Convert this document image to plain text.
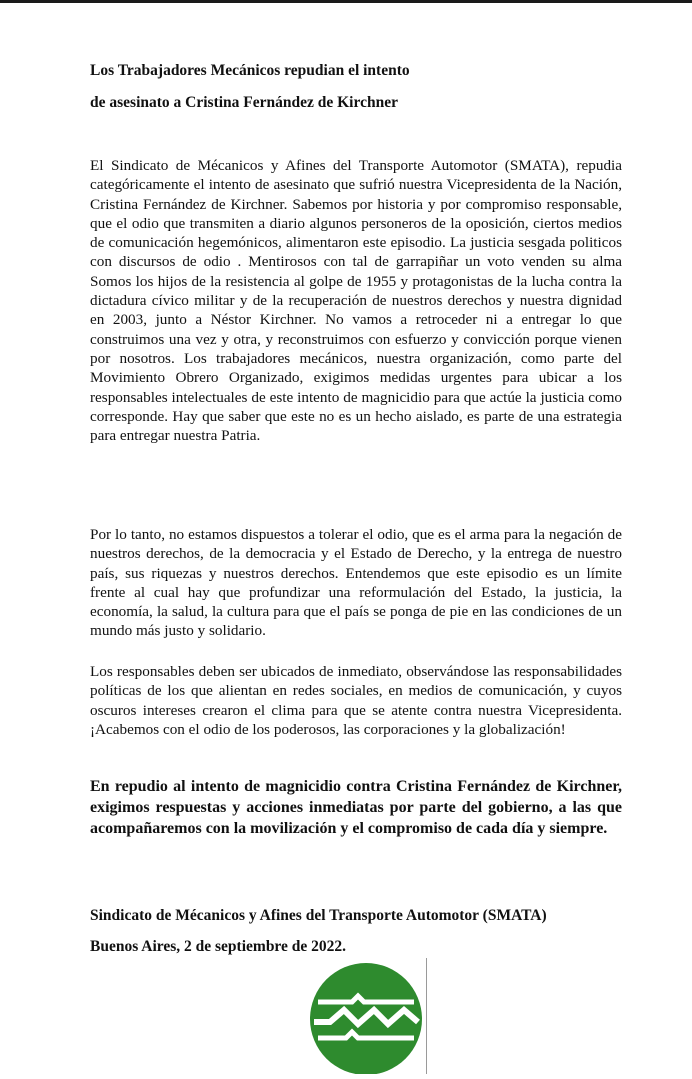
Los Trabajadores Mecánicos repudian el intento
de asesinato a Cristina Fernández de Kirchner

El Sindicato de Mécanicos y Afines del Transporte Automotor (SMATA), repudia categóricamente el intento de asesinato que sufrió nuestra Vicepresidenta de la Nación, Cristina Fernández de Kirchner. Sabemos por historia y por compromiso responsable, que el odio que transmiten a diario algunos personeros de la oposición, ciertos medios de comunicación hegemónicos, alimentaron este episodio. La justicia sesgada politicos con discursos de odio . Mentirosos con tal de garrapiñar un voto venden su alma Somos los hijos de la resistencia al golpe de 1955 y protagonistas de la lucha contra la dictadura cívico militar y de la recuperación de nuestros derechos y nuestra dignidad en 2003, junto a Néstor Kirchner. No vamos a retroceder ni a entregar lo que construimos una vez y otra, y reconstruimos con esfuerzo y convicción porque vienen por nosotros. Los trabajadores mecánicos, nuestra organización, como parte del Movimiento Obrero Organizado, exigimos medidas urgentes para ubicar a los responsables intelectuales de este intento de magnicidio para que actúe la justicia como corresponde. Hay que saber que este no es un hecho aislado, es parte de una estrategia para entregar nuestra Patria.

Por lo tanto, no estamos dispuestos a tolerar el odio, que es el arma para la negación de nuestros derechos, de la democracia y el Estado de Derecho, y la entrega de nuestro país, sus riquezas y nuestros derechos. Entendemos que este episodio es un límite frente al cual hay que profundizar una reformulación del Estado, la justicia, la economía, la salud, la cultura para que el país se ponga de pie en las condiciones de un mundo más justo y solidario.

Los responsables deben ser ubicados de inmediato, observándose las responsabilidades políticas de los que alientan en redes sociales, en medios de comunicación, y cuyos oscuros intereses crearon el clima para que se atente contra nuestra Vicepresidenta. ¡Acabemos con el odio de los poderosos, las corporaciones y la globalización!

En repudio al intento de magnicidio contra Cristina Fernández de Kirchner, exigimos respuestas y acciones inmediatas por parte del gobierno, a las que acompañaremos con la movilización y el compromiso de cada día y siempre.

Sindicato de Mécanicos y Afines del Transporte Automotor (SMATA)
Buenos Aires, 2 de septiembre de 2022.
